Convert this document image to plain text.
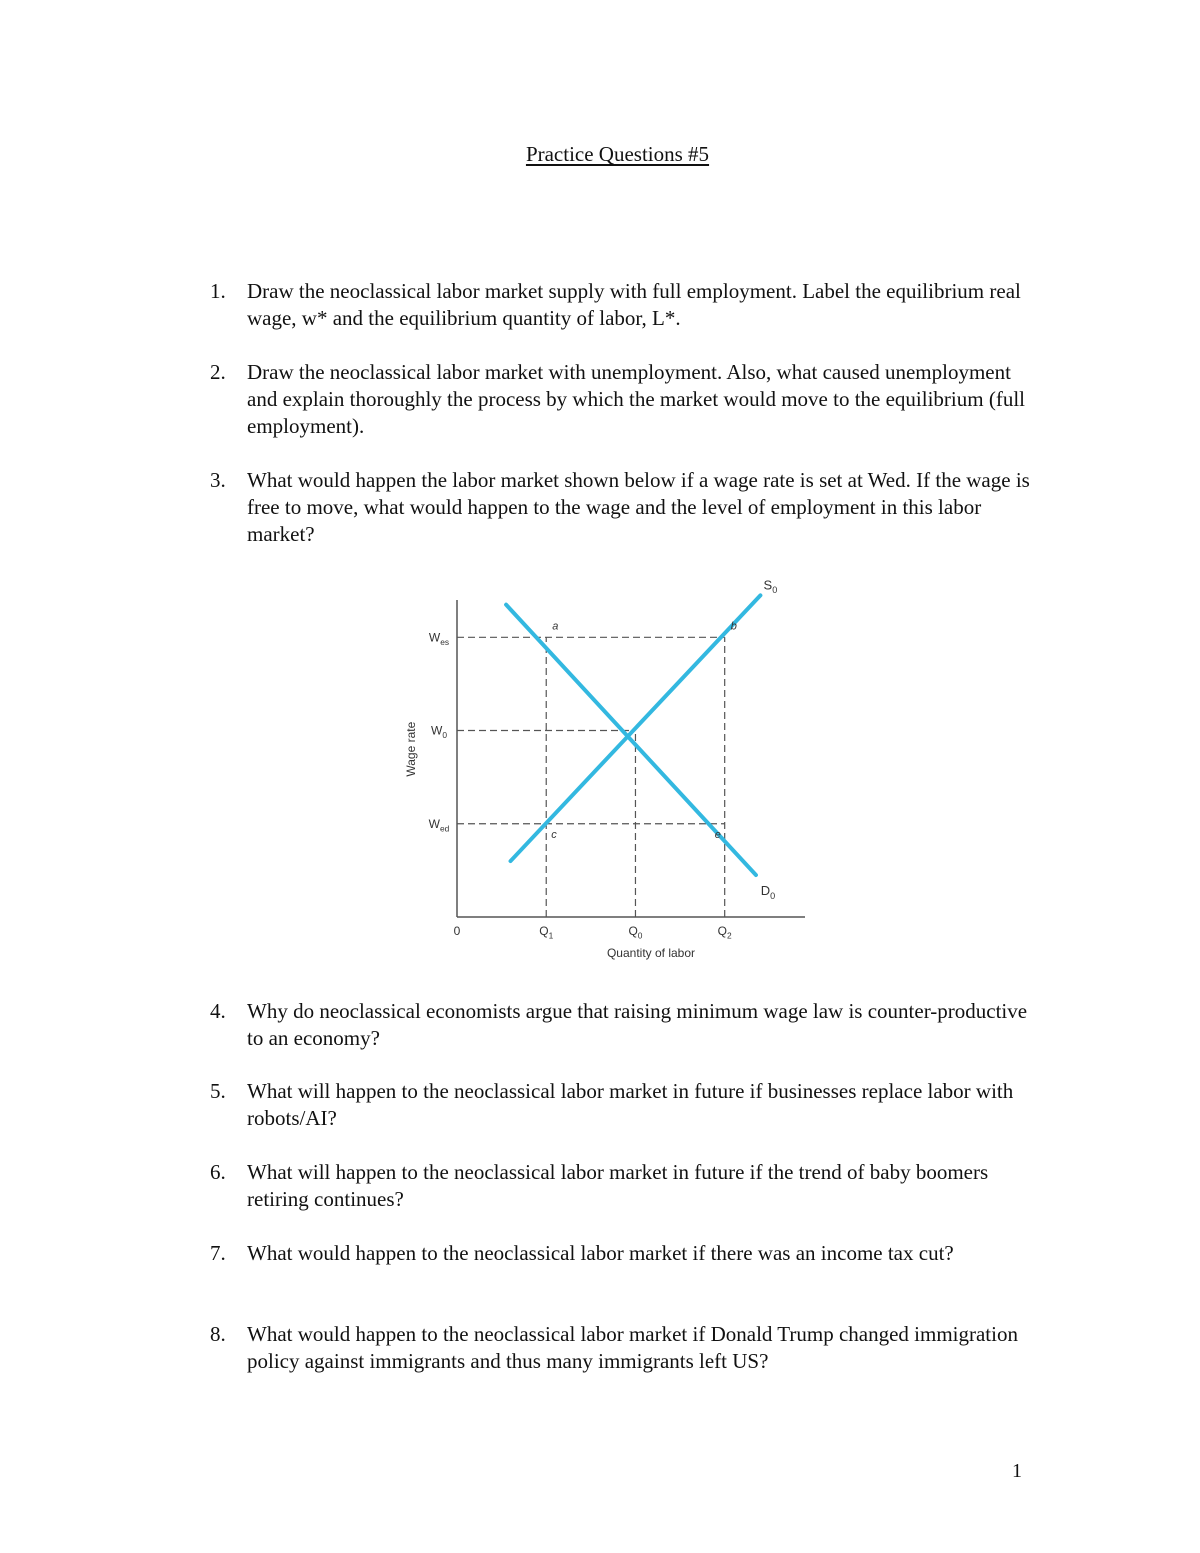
Practice Questions #5
1. Draw the neoclassical labor market supply with full employment. Label the equilibrium real wage, w* and the equilibrium quantity of labor, L*.
2. Draw the neoclassical labor market with unemployment. Also, what caused unemployment and explain thoroughly the process by which the market would move to the equilibrium (full employment).
3. What would happen the labor market shown below if a wage rate is set at Wed. If the wage is free to move, what would happen to the wage and the level of employment in this labor market?
$S_0$
$D_0$
0	$Q_1$	$Q_0$	$Q_2$
$W_{es}$
$W_0$
$W_{ed}$
a	b
c	e
Quantity of labor
Wage rate
4. Why do neoclassical economists argue that raising minimum wage law is counter-productive to an economy?
5. What will happen to the neoclassical labor market in future if businesses replace labor with robots/AI?
6. What will happen to the neoclassical labor market in future if the trend of baby boomers retiring continues?
7. What would happen to the neoclassical labor market if there was an income tax cut?
8. What would happen to the neoclassical labor market if Donald Trump changed immigration policy against immigrants and thus many immigrants left US?
1
